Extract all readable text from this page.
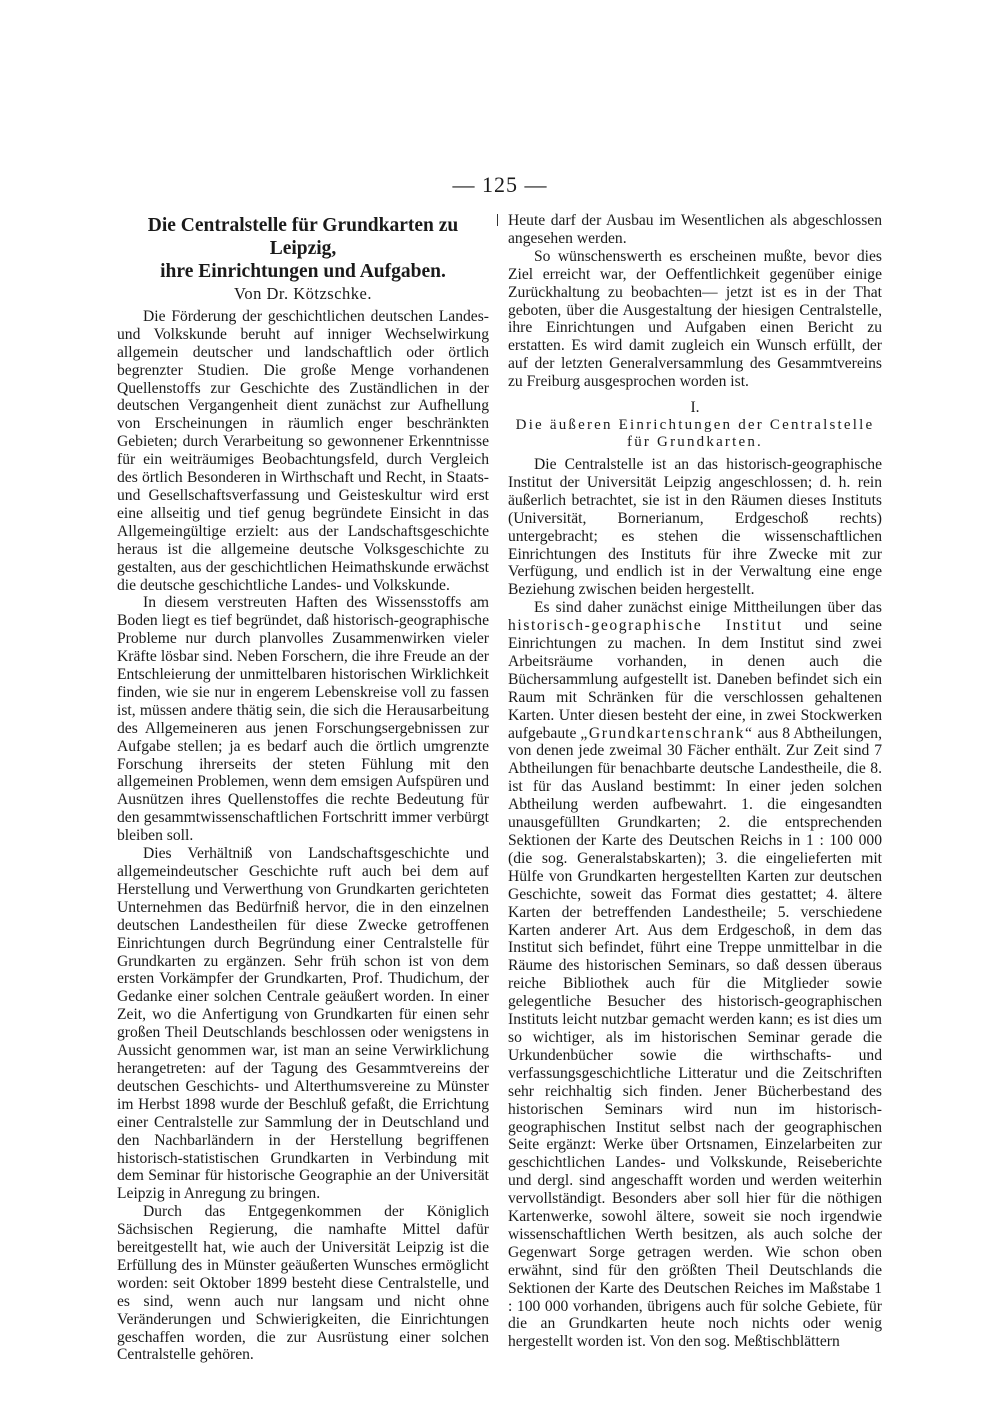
— 125 —
Die Centralstelle für Grundkarten zu Leipzig,
ihre Einrichtungen und Aufgaben.
Von Dr. Kötzschke.

Die Förderung der geschichtlichen deutschen Landes- und Volkskunde beruht auf inniger Wechselwirkung allgemein deutscher und landschaftlich oder örtlich begrenzter Studien. Die große Menge vorhandenen Quellenstoffs zur Geschichte des Zuständlichen in der deutschen Vergangenheit dient zunächst zur Aufhellung von Erscheinungen in räumlich enger beschränkten Gebieten; durch Verarbeitung so gewonnener Erkenntnisse für ein weiträumiges Beobachtungsfeld, durch Vergleich des örtlich Besonderen in Wirthschaft und Recht, in Staats- und Gesellschaftsverfassung und Geisteskultur wird erst eine allseitig und tief genug begründete Einsicht in das Allgemeingültige erzielt: aus der Landschaftsgeschichte heraus ist die allgemeine deutsche Volksgeschichte zu gestalten, aus der geschichtlichen Heimathskunde erwächst die deutsche geschichtliche Landes- und Volkskunde.

In diesem verstreuten Haften des Wissensstoffs am Boden liegt es tief begründet, daß historisch-geographische Probleme nur durch planvolles Zusammenwirken vieler Kräfte lösbar sind. Neben Forschern, die ihre Freude an der Entschleierung der unmittelbaren historischen Wirklichkeit finden, wie sie nur in engerem Lebenskreise voll zu fassen ist, müssen andere thätig sein, die sich die Herausarbeitung des Allgemeineren aus jenen Forschungsergebnissen zur Aufgabe stellen; ja es bedarf auch die örtlich umgrenzte Forschung ihrerseits der steten Fühlung mit den allgemeinen Problemen, wenn dem emsigen Aufspüren und Ausnützen ihres Quellenstoffes die rechte Bedeutung für den gesammtwissenschaftlichen Fortschritt immer verbürgt bleiben soll.

Dies Verhältniß von Landschaftsgeschichte und allgemeindeutscher Geschichte ruft auch bei dem auf Herstellung und Verwerthung von Grundkarten gerichteten Unternehmen das Bedürfniß hervor, die in den einzelnen deutschen Landestheilen für diese Zwecke getroffenen Einrichtungen durch Begründung einer Centralstelle für Grundkarten zu ergänzen. Sehr früh schon ist von dem ersten Vorkämpfer der Grundkarten, Prof. Thudichum, der Gedanke einer solchen Centrale geäußert worden. In einer Zeit, wo die Anfertigung von Grundkarten für einen sehr großen Theil Deutschlands beschlossen oder wenigstens in Aussicht genommen war, ist man an seine Verwirklichung herangetreten: auf der Tagung des Gesammtvereins der deutschen Geschichts- und Alterthumsvereine zu Münster im Herbst 1898 wurde der Beschluß gefaßt, die Errichtung einer Centralstelle zur Sammlung der in Deutschland und den Nachbarländern in der Herstellung begriffenen historisch-statistischen Grundkarten in Verbindung mit dem Seminar für historische Geographie an der Universität Leipzig in Anregung zu bringen.

Durch das Entgegenkommen der Königlich Sächsischen Regierung, die namhafte Mittel dafür bereitgestellt hat, wie auch der Universität Leipzig ist die Erfüllung des in Münster geäußerten Wunsches ermöglicht worden: seit Oktober 1899 besteht diese Centralstelle, und es sind, wenn auch nur langsam und nicht ohne Veränderungen und Schwierigkeiten, die Einrichtungen geschaffen worden, die zur Ausrüstung einer solchen Centralstelle gehören.

Heute darf der Ausbau im Wesentlichen als abgeschlossen angesehen werden.

So wünschenswerth es erscheinen mußte, bevor dies Ziel erreicht war, der Oeffentlichkeit gegenüber einige Zurückhaltung zu beobachten— jetzt ist es in der That geboten, über die Ausgestaltung der hiesigen Centralstelle, ihre Einrichtungen und Aufgaben einen Bericht zu erstatten. Es wird damit zugleich ein Wunsch erfüllt, der auf der letzten Generalversammlung des Gesammtvereins zu Freiburg ausgesprochen worden ist.

I.
Die äußeren Einrichtungen der Centralstelle
für Grundkarten.

Die Centralstelle ist an das historisch-geographische Institut der Universität Leipzig angeschlossen; d. h. rein äußerlich betrachtet, sie ist in den Räumen dieses Instituts (Universität, Bornerianum, Erdgeschoß rechts) untergebracht; es stehen die wissenschaftlichen Einrichtungen des Instituts für ihre Zwecke mit zur Verfügung, und endlich ist in der Verwaltung eine enge Beziehung zwischen beiden hergestellt.

Es sind daher zunächst einige Mittheilungen über das historisch-geographische Institut und seine Einrichtungen zu machen. In dem Institut sind zwei Arbeitsräume vorhanden, in denen auch die Büchersammlung aufgestellt ist. Daneben befindet sich ein Raum mit Schränken für die verschlossen gehaltenen Karten. Unter diesen besteht der eine, in zwei Stockwerken aufgebaute „Grundkartenschrank“ aus 8 Abtheilungen, von denen jede zweimal 30 Fächer enthält. Zur Zeit sind 7 Abtheilungen für benachbarte deutsche Landestheile, die 8. ist für das Ausland bestimmt: In einer jeden solchen Abtheilung werden aufbewahrt. 1. die eingesandten unausgefüllten Grundkarten; 2. die entsprechenden Sektionen der Karte des Deutschen Reichs in 1 : 100 000 (die sog. Generalstabskarten); 3. die eingelieferten mit Hülfe von Grundkarten hergestellten Karten zur deutschen Geschichte, soweit das Format dies gestattet; 4. ältere Karten der betreffenden Landestheile; 5. verschiedene Karten anderer Art. Aus dem Erdgeschoß, in dem das Institut sich befindet, führt eine Treppe unmittelbar in die Räume des historischen Seminars, so daß dessen überaus reiche Bibliothek auch für die Mitglieder sowie gelegentliche Besucher des historisch-geographischen Instituts leicht nutzbar gemacht werden kann; es ist dies um so wichtiger, als im historischen Seminar gerade die Urkundenbücher sowie die wirthschafts- und verfassungsgeschichtliche Litteratur und die Zeitschriften sehr reichhaltig sich finden. Jener Bücherbestand des historischen Seminars wird nun im historisch-geographischen Institut selbst nach der geographischen Seite ergänzt: Werke über Ortsnamen, Einzelarbeiten zur geschichtlichen Landes- und Volkskunde, Reiseberichte und dergl. sind angeschafft worden und werden weiterhin vervollständigt. Besonders aber soll hier für die nöthigen Kartenwerke, sowohl ältere, soweit sie noch irgendwie wissenschaftlichen Werth besitzen, als auch solche der Gegenwart Sorge getragen werden. Wie schon oben erwähnt, sind für den größten Theil Deutschlands die Sektionen der Karte des Deutschen Reiches im Maßstabe 1 : 100 000 vorhanden, übrigens auch für solche Gebiete, für die an Grundkarten heute noch nichts oder wenig hergestellt worden ist. Von den sog. Meßtischblättern
